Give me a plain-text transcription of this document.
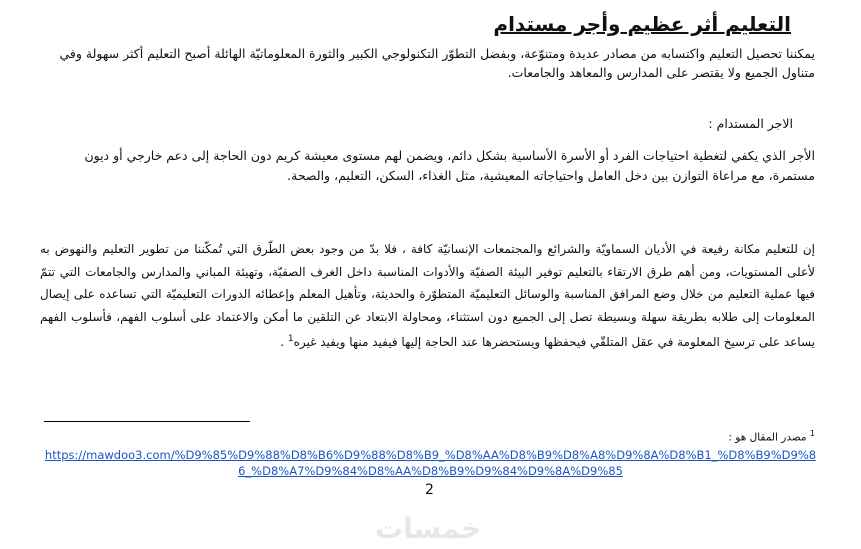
التعليم أثر عظيم وأجر مستدام
يمكننا تحصيل التعليم واكتسابه من مصادر عديدة ومتنوّعة، وبفضل التطوّر التكنولوجي الكبير والثورة المعلوماتيّة الهائلة أصبح التعليم أكثر سهولة وفي متناول الجميع ولا يقتصر على المدارس والمعاهد والجامعات.
الاجر المستدام :
الأجر الذي يكفي لتغطية احتياجات الفرد أو الأسرة الأساسية بشكل دائم، ويضمن لهم مستوى معيشة كريم دون الحاجة إلى دعم خارجي أو ديون مستمرة، مع مراعاة التوازن بين دخل العامل واحتياجاته المعيشية، مثل الغذاء، السكن، التعليم، والصحة.
إن للتعليم مكانة رفيعة في الأديان السماويّة والشرائع والمجتمعات الإنسانيّة كافة ، فلا بدّ من وجود بعض الطّرق التي تُمكّننا من تطوير التعليم والنهوض به لأعلى المستويات، ومن أهم طرق الارتقاء بالتعليم توفير البيئة الصفيّة والأدوات المناسبة داخل الغرف الصفيّة، وتهيئة المباني والمدارس والجامعات التي تتمّ فيها عملية التعليم من خلال وضع المرافق المناسبة والوسائل التعليميّة المتطوّرة والحديثة، وتأهيل المعلم وإعطائه الدورات التعليميّة التي تساعده على إيصال المعلومات إلى طلابه بطريقة سهلة وبسيطة تصل إلى الجميع دون استثناء، ومحاولة الابتعاد عن التلقين ما أمكن والاعتماد على أسلوب الفهم، فأسلوب الفهم يساعد على ترسيخ المعلومة في عقل المتلقّي فيحفظها ويستحضرها عند الحاجة إليها فيفيد منها ويفيد غيره$^1$ .
$^1$ مصدر المقال هو :
https://mawdoo3.com/%D9%85%D9%88%D8%B6%D9%88%D8%B9_%D8%AA%D8%B9%D8%A8%D9%8A%D8%B1_%D8%B9%D9%86_%D8%A7%D9%84%D8%AA%D8%B9%D9%84%D9%8A%D9%85
2
خمسات
